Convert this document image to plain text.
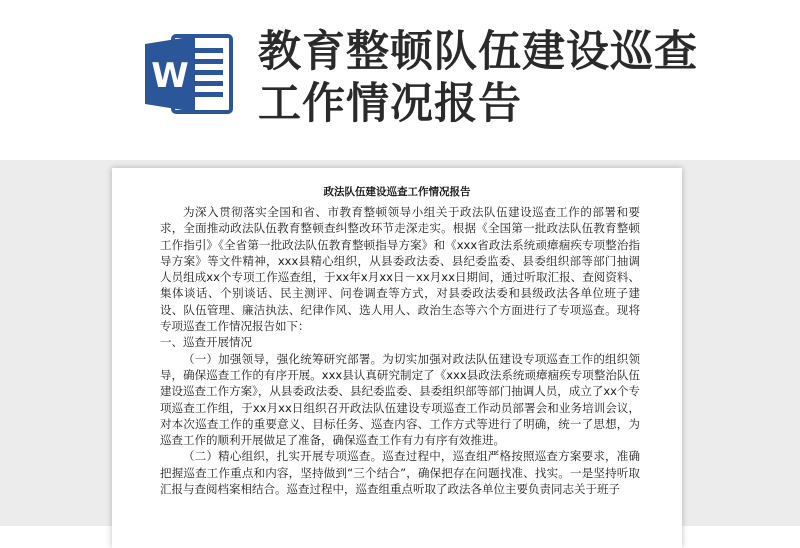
W 教育整顿队伍建设巡查工作情况报告
政法队伍建设巡查工作情况报告

为深入贯彻落实全国和省、市教育整顿领导小组关于政法队伍建设巡查工作的部署和要求，全面推动政法队伍教育整顿查纠整改环节走深走实。根据《全国第一批政法队伍教育整顿工作指引》《全省第一批政法队伍教育整顿指导方案》和《xxx省政法系统顽瘴痼疾专项整治指导方案》等文件精神，xxx县精心组织，从县委政法委、县纪委监委、县委组织部等部门抽调人员组成xx个专项工作巡查组，于xx年x月xx日－xx月xx日期间，通过听取汇报、查阅资料、集体谈话、个别谈话、民主测评、问卷调查等方式，对县委政法委和县级政法各单位班子建设、队伍管理、廉洁执法、纪律作风、选人用人、政治生态等六个方面进行了专项巡查。现将专项巡查工作情况报告如下：

一、巡查开展情况

（一）加强领导，强化统筹研究部署。为切实加强对政法队伍建设专项巡查工作的组织领导，确保巡查工作的有序开展。xxx县认真研究制定了《xxx县政法系统顽瘴痼疾专项整治队伍建设巡查工作方案》，从县委政法委、县纪委监委、县委组织部等部门抽调人员，成立了xx个专项巡查工作组，于xx月xx日组织召开政法队伍建设专项巡查工作动员部署会和业务培训会议，对本次巡查工作的重要意义、目标任务、巡查内容、工作方式等进行了明确，统一了思想，为巡查工作的顺利开展做足了准备，确保巡查工作有力有序有效推进。

（二）精心组织，扎实开展专项巡查。巡查过程中，巡查组严格按照巡查方案要求，准确把握巡查工作重点和内容，坚持做到“三个结合”，确保把存在问题找准、找实。一是坚持听取汇报与查阅档案相结合。巡查过程中，巡查组重点听取了政法各单位主要负责同志关于班子
